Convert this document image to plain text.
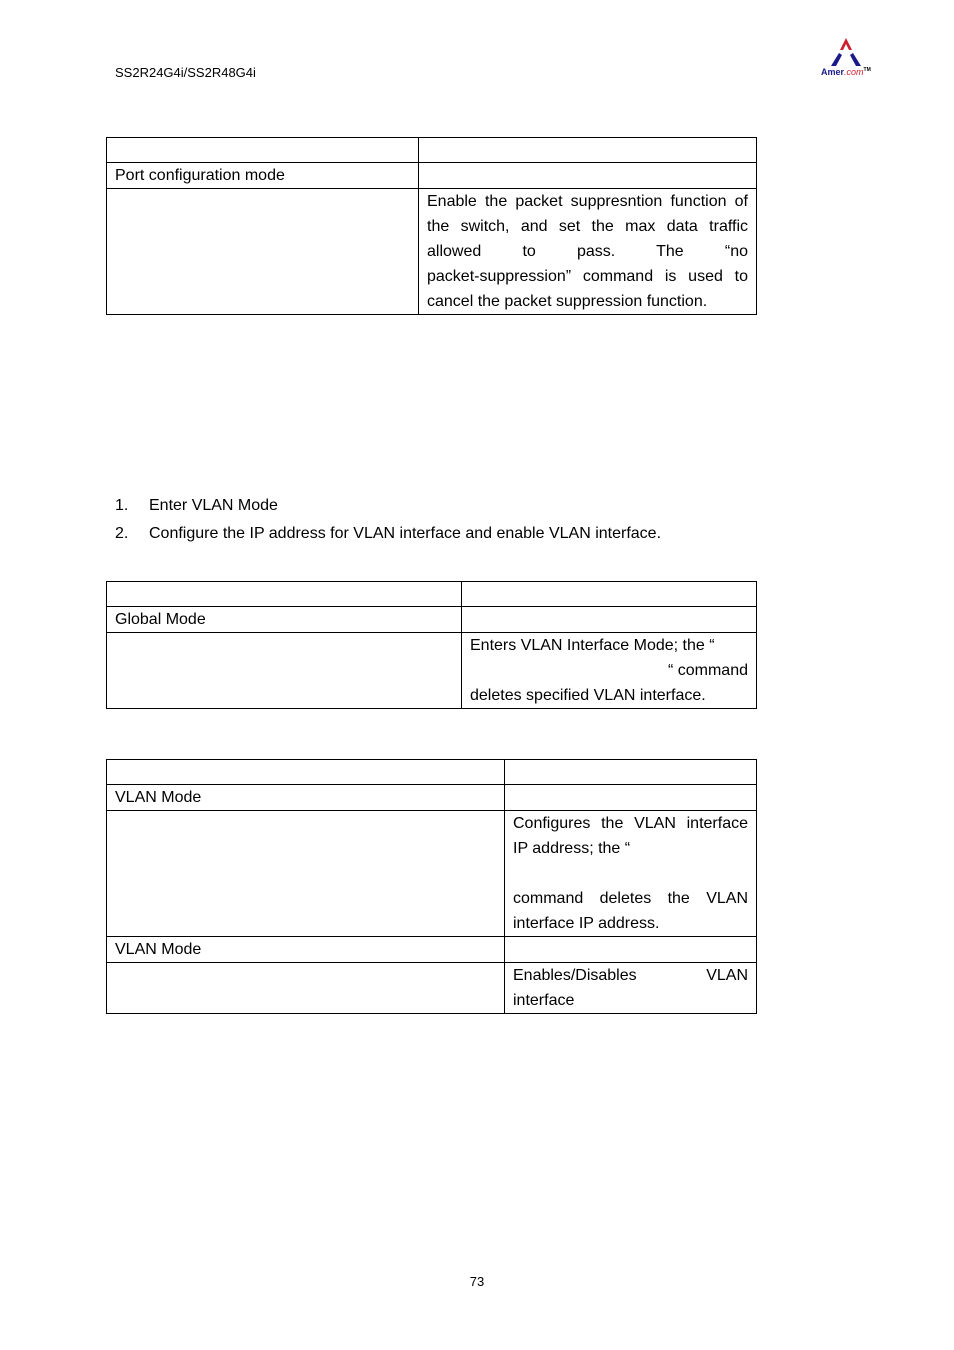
SS2R24G4i/SS2R48G4i	Amer.com™

Port configuration mode	

	Enable the packet suppresntion function of
the switch, and set the max data traffic
allowed to pass. The “no
packet-suppression” command is used to
cancel the packet suppression function.
1. Enter VLAN Mode
2. Configure the IP address for VLAN interface and enable VLAN interface.

Global Mode	

	Enters VLAN Interface Mode; the “
“ command
deletes specified VLAN interface.

VLAN Mode	

	Configures the VLAN interface
IP address; the “
command deletes the VLAN
interface IP address.

VLAN Mode	

	Enables/Disables VLAN
interface
73
